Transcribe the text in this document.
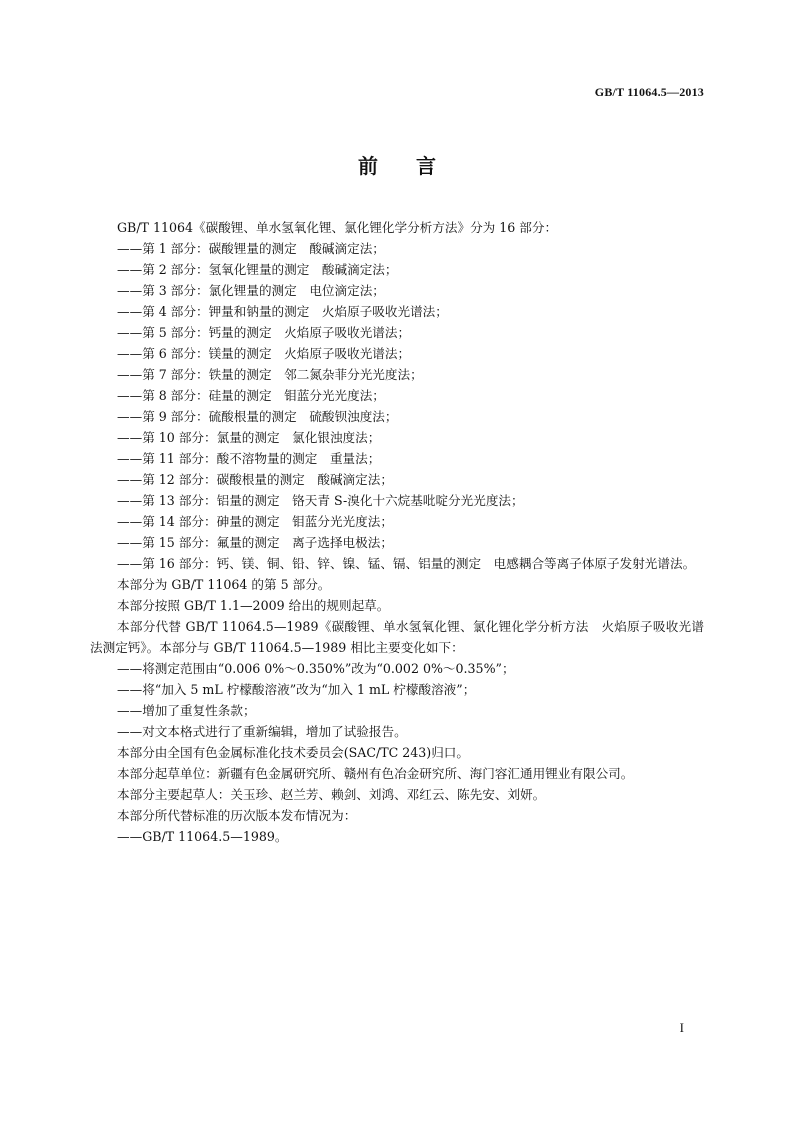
GB/T 11064.5—2013
前言

GB/T 11064《碳酸锂、单水氢氧化锂、氯化锂化学分析方法》分为 16 部分：

——第 1 部分：碳酸锂量的测定　酸碱滴定法；

——第 2 部分：氢氧化锂量的测定　酸碱滴定法；

——第 3 部分：氯化锂量的测定　电位滴定法；

——第 4 部分：钾量和钠量的测定　火焰原子吸收光谱法；

——第 5 部分：钙量的测定　火焰原子吸收光谱法；

——第 6 部分：镁量的测定　火焰原子吸收光谱法；

——第 7 部分：铁量的测定　邻二氮杂菲分光光度法；

——第 8 部分：硅量的测定　钼蓝分光光度法；

——第 9 部分：硫酸根量的测定　硫酸钡浊度法；

——第 10 部分：氯量的测定　氯化银浊度法；

——第 11 部分：酸不溶物量的测定　重量法；

——第 12 部分：碳酸根量的测定　酸碱滴定法；

——第 13 部分：铝量的测定　铬天青 S-溴化十六烷基吡啶分光光度法；

——第 14 部分：砷量的测定　钼蓝分光光度法；

——第 15 部分：氟量的测定　离子选择电极法；

——第 16 部分：钙、镁、铜、铅、锌、镍、锰、镉、铝量的测定　电感耦合等离子体原子发射光谱法。

本部分为 GB/T 11064 的第 5 部分。

本部分按照 GB/T 1.1—2009 给出的规则起草。

本部分代替 GB/T 11064.5—1989《碳酸锂、单水氢氧化锂、氯化锂化学分析方法　火焰原子吸收光谱法测定钙》。本部分与 GB/T 11064.5—1989 相比主要变化如下：

——将测定范围由“0.006 0%～0.350%”改为“0.002 0%～0.35%”；

——将“加入 5 mL 柠檬酸溶液”改为“加入 1 mL 柠檬酸溶液”；

——增加了重复性条款；

——对文本格式进行了重新编辑，增加了试验报告。

本部分由全国有色金属标准化技术委员会(SAC/TC 243)归口。

本部分起草单位：新疆有色金属研究所、赣州有色冶金研究所、海门容汇通用锂业有限公司。

本部分主要起草人：关玉珍、赵兰芳、赖剑、刘鸿、邓红云、陈先安、刘妍。

本部分所代替标准的历次版本发布情况为：

——GB/T 11064.5—1989。

I
